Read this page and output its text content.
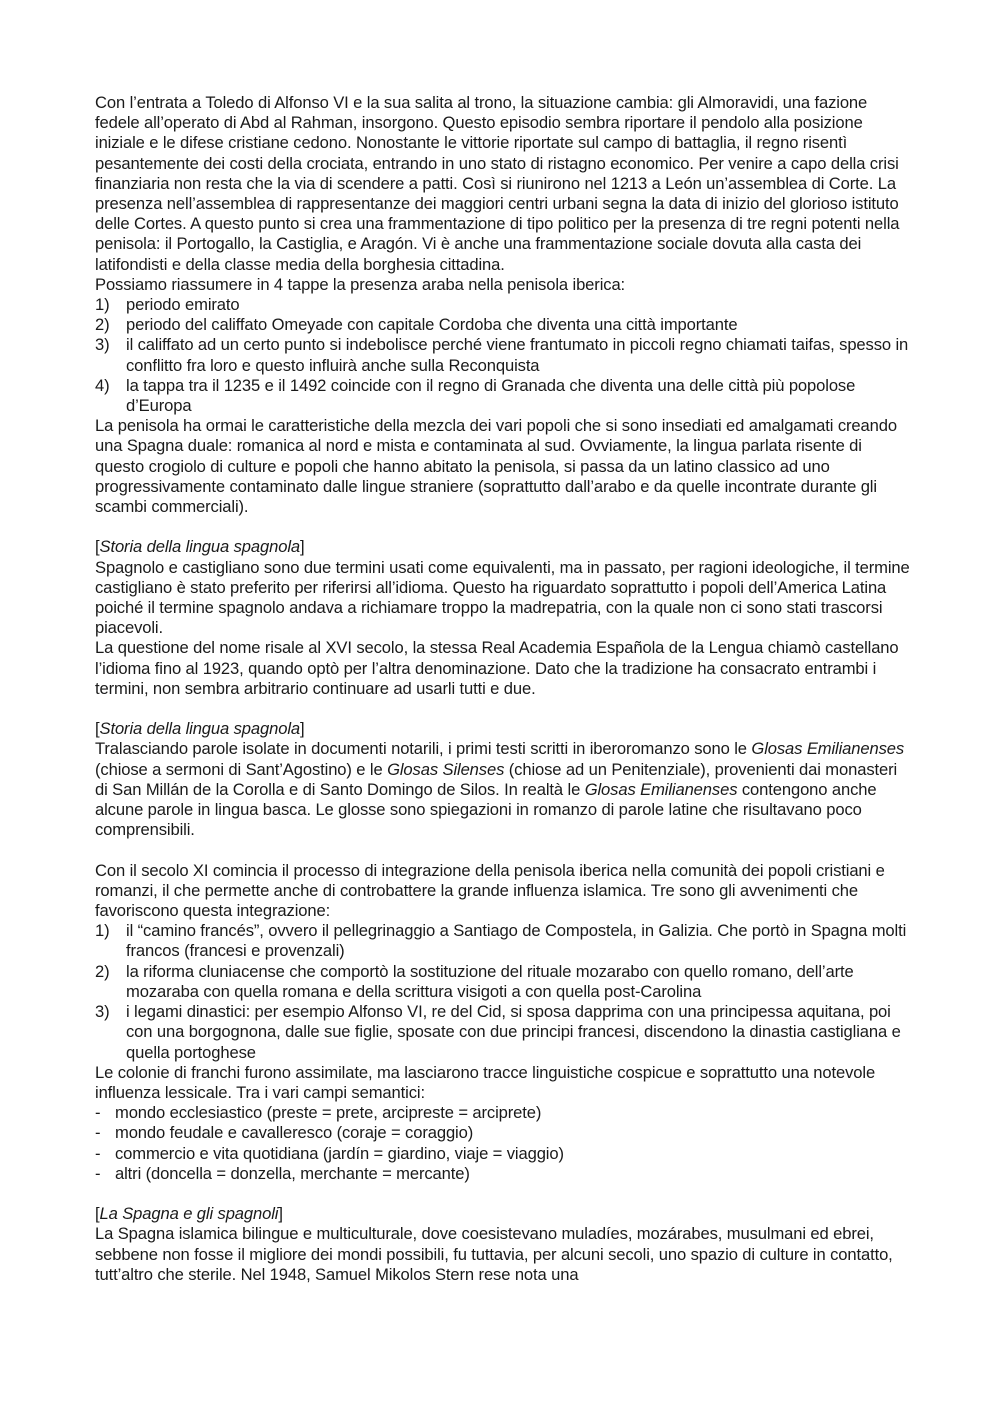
Con l’entrata a Toledo di Alfonso VI e la sua salita al trono, la situazione cambia: gli Almoravidi, una fazione fedele all’operato di Abd al Rahman, insorgono. Questo episodio sembra riportare il pendolo alla posizione iniziale e le difese cristiane cedono. Nonostante le vittorie riportate sul campo di battaglia, il regno risentì pesantemente dei costi della crociata, entrando in uno stato di ristagno economico. Per venire a capo della crisi finanziaria non resta che la via di scendere a patti. Così si riunirono nel 1213 a León un’assemblea di Corte. La presenza nell’assemblea di rappresentanze dei maggiori centri urbani segna la data di inizio del glorioso istituto delle Cortes. A questo punto si crea una frammentazione di tipo politico per la presenza di tre regni potenti nella penisola: il Portogallo, la Castiglia, e Aragón. Vi è anche una frammentazione sociale dovuta alla casta dei latifondisti e della classe media della borghesia cittadina.

Possiamo riassumere in 4 tappe la presenza araba nella penisola iberica:

1) periodo emirato
2) periodo del califfato Omeyade con capitale Cordoba che diventa una città importante
3) il califfato ad un certo punto si indebolisce perché viene frantumato in piccoli regno chiamati taifas, spesso in conflitto fra loro e questo influirà anche sulla Reconquista
4) la tappa tra il 1235 e il 1492 coincide con il regno di Granada che diventa una delle città più popolose d’Europa

La penisola ha ormai le caratteristiche della mezcla dei vari popoli che si sono insediati ed amalgamati creando una Spagna duale: romanica al nord e mista e contaminata al sud. Ovviamente, la lingua parlata risente di questo crogiolo di culture e popoli che hanno abitato la penisola, si passa da un latino classico ad uno progressivamente contaminato dalle lingue straniere (soprattutto dall’arabo e da quelle incontrate durante gli scambi commerciali).

[Storia della lingua spagnola]

Spagnolo e castigliano sono due termini usati come equivalenti, ma in passato, per ragioni ideologiche, il termine castigliano è stato preferito per riferirsi all’idioma. Questo ha riguardato soprattutto i popoli dell’America Latina poiché il termine spagnolo andava a richiamare troppo la madrepatria, con la quale non ci sono stati trascorsi piacevoli.

La questione del nome risale al XVI secolo, la stessa Real Academia Española de la Lengua chiamò castellano l’idioma fino al 1923, quando optò per l’altra denominazione. Dato che la tradizione ha consacrato entrambi i termini, non sembra arbitrario continuare ad usarli tutti e due.

[Storia della lingua spagnola]

Tralasciando parole isolate in documenti notarili, i primi testi scritti in iberoromanzo sono le Glosas Emilianenses (chiose a sermoni di Sant’Agostino) e le Glosas Silenses (chiose ad un Penitenziale), provenienti dai monasteri di San Millán de la Corolla e di Santo Domingo de Silos. In realtà le Glosas Emilianenses contengono anche alcune parole in lingua basca. Le glosse sono spiegazioni in romanzo di parole latine che risultavano poco comprensibili.

Con il secolo XI comincia il processo di integrazione della penisola iberica nella comunità dei popoli cristiani e romanzi, il che permette anche di controbattere la grande influenza islamica. Tre sono gli avvenimenti che favoriscono questa integrazione:

1) il “camino francés”, ovvero il pellegrinaggio a Santiago de Compostela, in Galizia. Che portò in Spagna molti francos (francesi e provenzali)
2) la riforma cluniacense che comportò la sostituzione del rituale mozarabo con quello romano, dell’arte mozaraba con quella romana e della scrittura visigoti a con quella post-Carolina
3) i legami dinastici: per esempio Alfonso VI, re del Cid, si sposa dapprima con una principessa aquitana, poi con una borgognona, dalle sue figlie, sposate con due principi francesi, discendono la dinastia castigliana e quella portoghese

Le colonie di franchi furono assimilate, ma lasciarono tracce linguistiche cospicue e soprattutto una notevole influenza lessicale. Tra i vari campi semantici:

- mondo ecclesiastico (preste = prete, arcipreste = arciprete)
- mondo feudale e cavalleresco (coraje = coraggio)
- commercio e vita quotidiana (jardín = giardino, viaje = viaggio)
- altri (doncella = donzella, merchante = mercante)

[La Spagna e gli spagnoli]

La Spagna islamica bilingue e multiculturale, dove coesistevano muladíes, mozárabes, musulmani ed ebrei, sebbene non fosse il migliore dei mondi possibili, fu tuttavia, per alcuni secoli, uno spazio di culture in contatto, tutt’altro che sterile. Nel 1948, Samuel Mikolos Stern rese nota una
